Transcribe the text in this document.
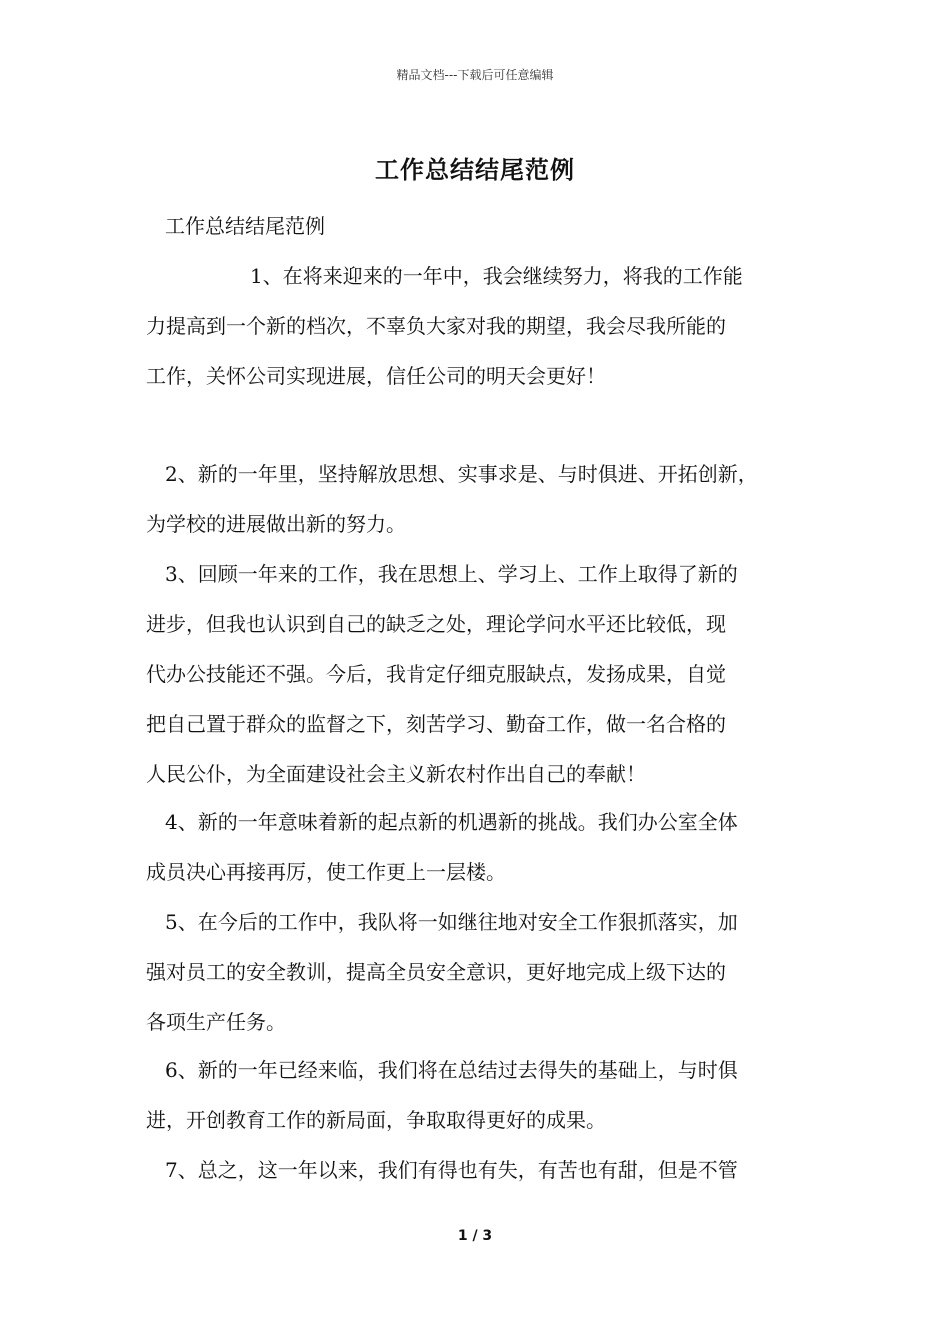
精品文档---下载后可任意编辑
工作总结结尾范例
工作总结结尾范例
1、在将来迎来的一年中，我会继续努力，将我的工作能
力提高到一个新的档次，不辜负大家对我的期望，我会尽我所能的
工作，关怀公司实现进展，信任公司的明天会更好！
2、新的一年里，坚持解放思想、实事求是、与时俱进、开拓创新，
为学校的进展做出新的努力。
3、回顾一年来的工作，我在思想上、学习上、工作上取得了新的
进步，但我也认识到自己的缺乏之处，理论学问水平还比较低，现
代办公技能还不强。今后，我肯定仔细克服缺点，发扬成果，自觉
把自己置于群众的监督之下，刻苦学习、勤奋工作，做一名合格的
人民公仆，为全面建设社会主义新农村作出自己的奉献！
4、新的一年意味着新的起点新的机遇新的挑战。我们办公室全体
成员决心再接再厉，使工作更上一层楼。
5、在今后的工作中，我队将一如继往地对安全工作狠抓落实，加
强对员工的安全教训，提高全员安全意识，更好地完成上级下达的
各项生产任务。
6、新的一年已经来临，我们将在总结过去得失的基础上，与时俱
进，开创教育工作的新局面，争取取得更好的成果。
7、总之，这一年以来，我们有得也有失，有苦也有甜，但是不管
1 / 3
